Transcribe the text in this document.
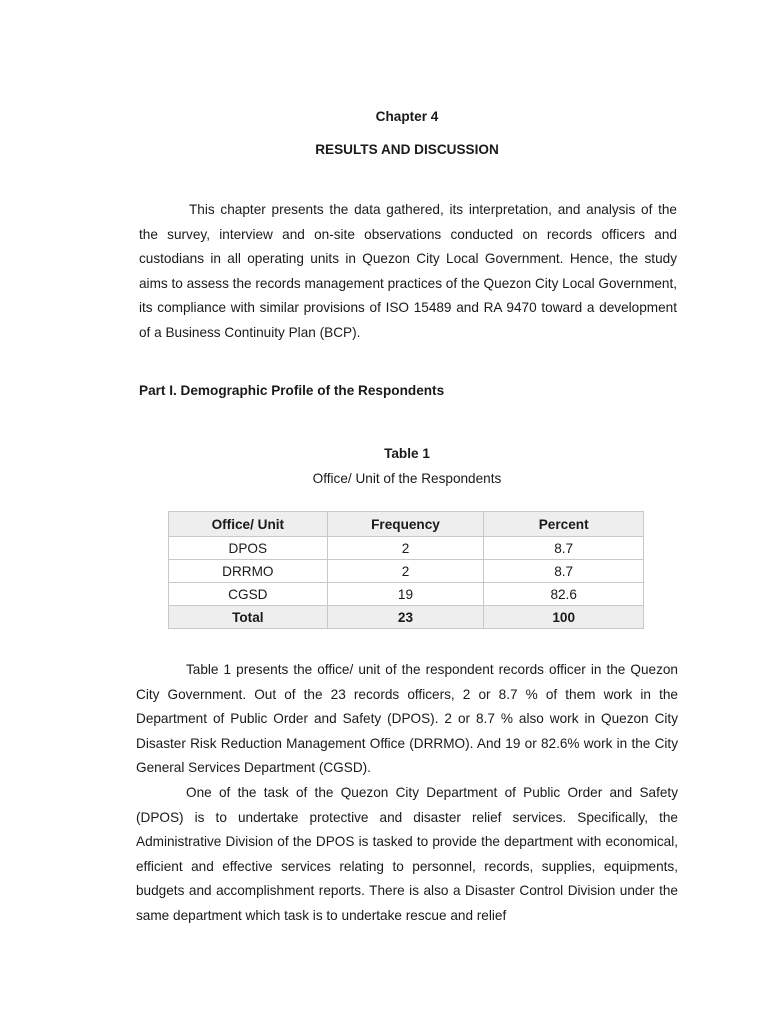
Chapter 4
RESULTS AND DISCUSSION

This chapter presents the data gathered, its interpretation, and analysis of the the survey, interview and on-site observations conducted on records officers and custodians in all operating units in Quezon City Local Government. Hence, the study aims to assess the records management practices of the Quezon City Local Government, its compliance with similar provisions of ISO 15489 and RA 9470 toward a development of a Business Continuity Plan (BCP).

Part I. Demographic Profile of the Respondents

Table 1
Office/ Unit of the Respondents
Office/ Unit	Frequency	Percent
DPOS	2	8.7
DRRMO	2	8.7
CGSD	19	82.6
Total	23	100

Table 1 presents the office/ unit of the respondent records officer in the Quezon City Government. Out of the 23 records officers, 2 or 8.7 % of them work in the Department of Public Order and Safety (DPOS). 2 or 8.7 % also work in Quezon City Disaster Risk Reduction Management Office (DRRMO). And 19 or 82.6% work in the City General Services Department (CGSD).

One of the task of the Quezon City Department of Public Order and Safety (DPOS) is to undertake protective and disaster relief services. Specifically, the Administrative Division of the DPOS is tasked to provide the department with economical, efficient and effective services relating to personnel, records, supplies, equipments, budgets and accomplishment reports. There is also a Disaster Control Division under the same department which task is to undertake rescue and relief
